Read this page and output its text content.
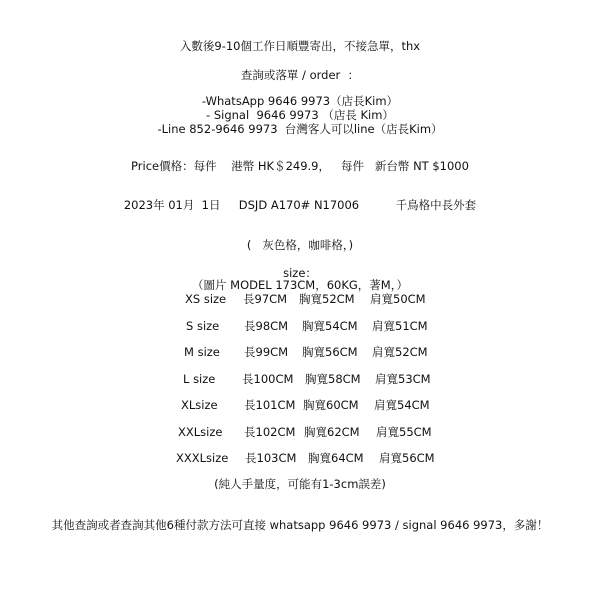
入數後9-10個工作日順豐寄出，不接急單，thx
查詢或落單 / order  ：
-WhatsApp 9646 9973（店長Kim）
- Signal  9646 9973 （店長 Kim）
-Line 852-9646 9973  台灣客人可以line（店長Kim）
Price價格：每件    港幣 HK＄249.9，   每件   新台幣 NT $1000
2023年 01月  1日     DSJD A170# N17006          千鳥格中長外套
(   灰色格，咖啡格，)
size：
（圖片 MODEL 173CM，60KG，著M，）

XS size

長97CM

胸寬52CM

肩寬50CM

S size

長98CM

胸寬54CM

肩寬51CM

M size

長99CM

胸寬56CM

肩寬52CM

L size

長100CM

胸寬58CM

肩寬53CM

XLsize

長101CM

胸寬60CM

肩寬54CM

XXLsize

長102CM

胸寬62CM

肩寬55CM

XXXLsize

長103CM

胸寬64CM

肩寬56CM

(純人手量度，可能有1-3cm誤差)
其他查詢或者查詢其他6種付款方法可直接 whatsapp 9646 9973 / signal 9646 9973，多謝！
